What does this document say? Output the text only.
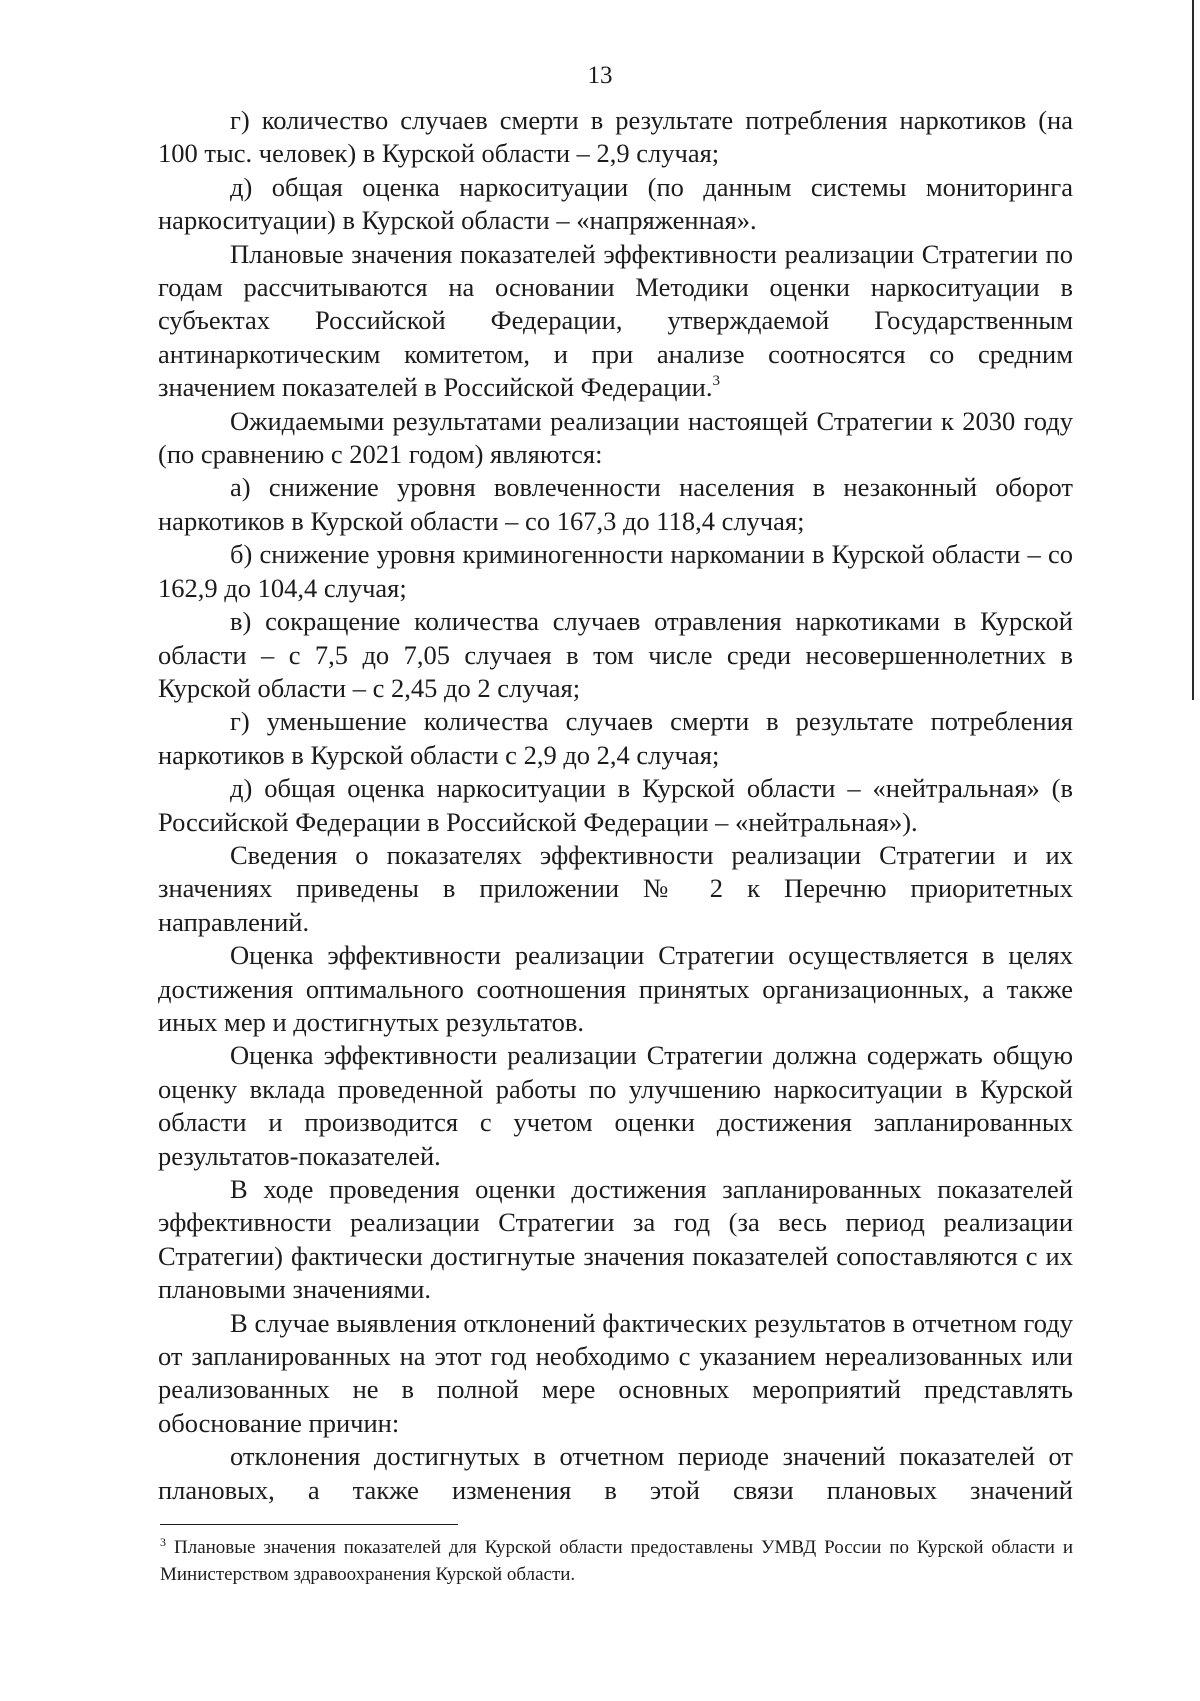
13

г) количество случаев смерти в результате потребления наркотиков (на 100 тыс. человек) в Курской области – 2,9 случая;

д) общая оценка наркоситуации (по данным системы мониторинга наркоситуации) в Курской области – «напряженная».

Плановые значения показателей эффективности реализации Стратегии по годам рассчитываются на основании Методики оценки наркоситуации в субъектах Российской Федерации, утверждаемой Государственным антинаркотическим комитетом, и при анализе соотносятся со средним значением показателей в Российской Федерации.$^3$

Ожидаемыми результатами реализации настоящей Стратегии к 2030 году (по сравнению с 2021 годом) являются:

а) снижение уровня вовлеченности населения в незаконный оборот наркотиков в Курской области – со 167,3 до 118,4 случая;

б) снижение уровня криминогенности наркомании в Курской области – со 162,9 до 104,4 случая;

в) сокращение количества случаев отравления наркотиками в Курской области – с 7,5 до 7,05 случаея в том числе среди несовершеннолетних в Курской области – с 2,45 до 2 случая;

г) уменьшение количества случаев смерти в результате потребления наркотиков в Курской области с 2,9 до 2,4 случая;

д) общая оценка наркоситуации в Курской области – «нейтральная» (в Российской Федерации в Российской Федерации – «нейтральная»).

Сведения о показателях эффективности реализации Стратегии и их значениях приведены в приложении № 2 к Перечню приоритетных направлений.

Оценка эффективности реализации Стратегии осуществляется в целях достижения оптимального соотношения принятых организационных, а также иных мер и достигнутых результатов.

Оценка эффективности реализации Стратегии должна содержать общую оценку вклада проведенной работы по улучшению наркоситуации в Курской области и производится с учетом оценки достижения запланированных результатов-показателей.

В ходе проведения оценки достижения запланированных показателей эффективности реализации Стратегии за год (за весь период реализации Стратегии) фактически достигнутые значения показателей сопоставляются с их плановыми значениями.

В случае выявления отклонений фактических результатов в отчетном году от запланированных на этот год необходимо с указанием нереализованных или реализованных не в полной мере основных мероприятий представлять обоснование причин:

отклонения достигнутых в отчетном периоде значений показателей от плановых, а также изменения в этой связи плановых значений

$^3$ Плановые значения показателей для Курской области предоставлены УМВД России по Курской области и Министерством здравоохранения Курской области.
